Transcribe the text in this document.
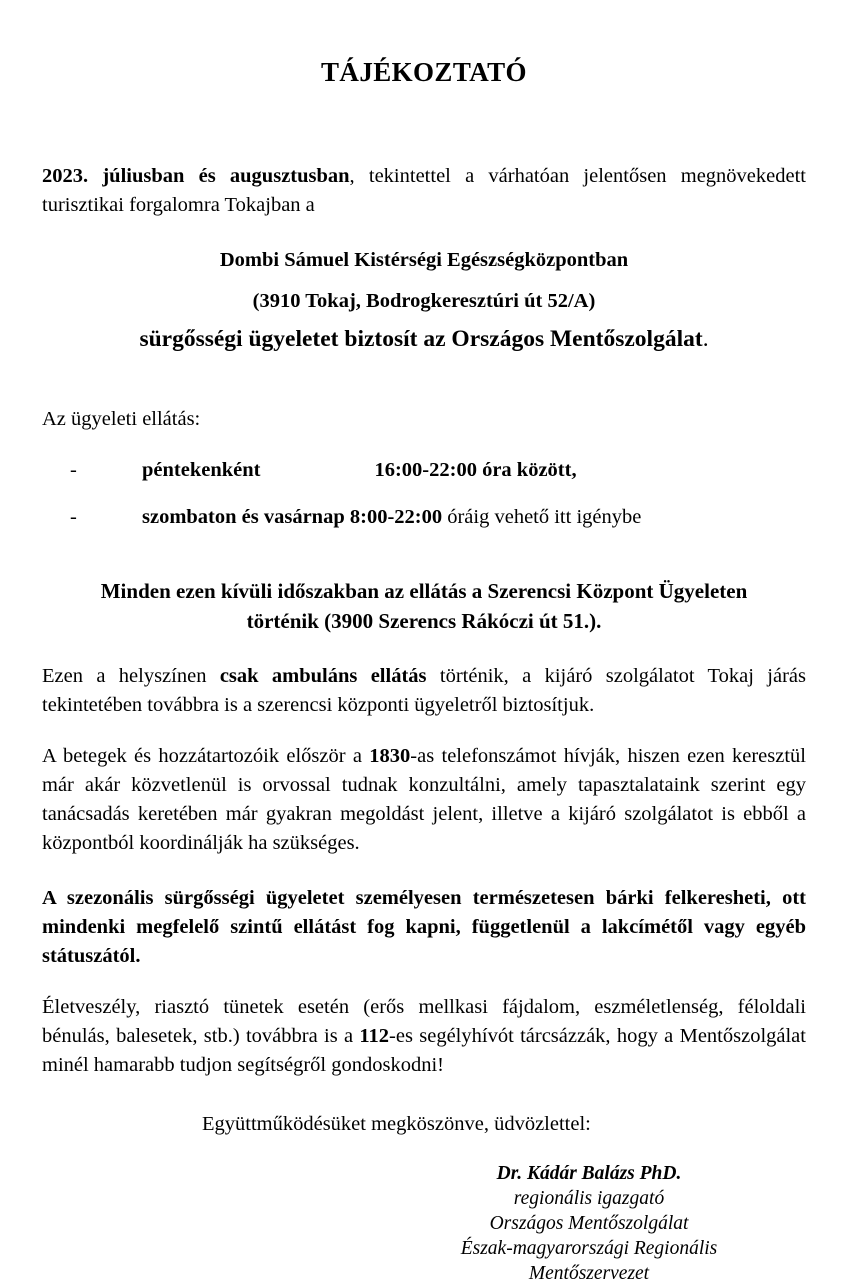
TÁJÉKOZTATÓ

2023. júliusban és augusztusban, tekintettel a várhatóan jelentősen megnövekedett turisztikai forgalomra Tokajban a

Dombi Sámuel Kistérségi Egészségközpontban

(3910 Tokaj, Bodrogkeresztúri út 52/A)

sürgősségi ügyeletet biztosít az Országos Mentőszolgálat.

Az ügyeleti ellátás:

-	péntekenként	16:00-22:00 óra között,
-	szombaton és vasárnap 8:00-22:00 óráig vehető itt igénybe

Minden ezen kívüli időszakban az ellátás a Szerencsi Központ Ügyeleten történik (3900 Szerencs Rákóczi út 51.).

Ezen a helyszínen csak ambuláns ellátás történik, a kijáró szolgálatot Tokaj járás tekintetében továbbra is a szerencsi központi ügyeletről biztosítjuk.

A betegek és hozzátartozóik először a 1830-as telefonszámot hívják, hiszen ezen keresztül már akár közvetlenül is orvossal tudnak konzultálni, amely tapasztalataink szerint egy tanácsadás keretében már gyakran megoldást jelent, illetve a kijáró szolgálatot is ebből a központból koordinálják ha szükséges.

A szezonális sürgősségi ügyeletet személyesen természetesen bárki felkeresheti, ott mindenki megfelelő szintű ellátást fog kapni, függetlenül a lakcímétől vagy egyéb státuszától.

Életveszély, riasztó tünetek esetén (erős mellkasi fájdalom, eszméletlenség, féloldali bénulás, balesetek, stb.) továbbra is a 112-es segélyhívót tárcsázzák, hogy a Mentőszolgálat minél hamarabb tudjon segítségről gondoskodni!

Együttműködésüket megköszönve, üdvözlettel:

Dr. Kádár Balázs PhD.
regionális igazgató
Országos Mentőszolgálat
Észak-magyarországi Regionális
Mentőszervezet
